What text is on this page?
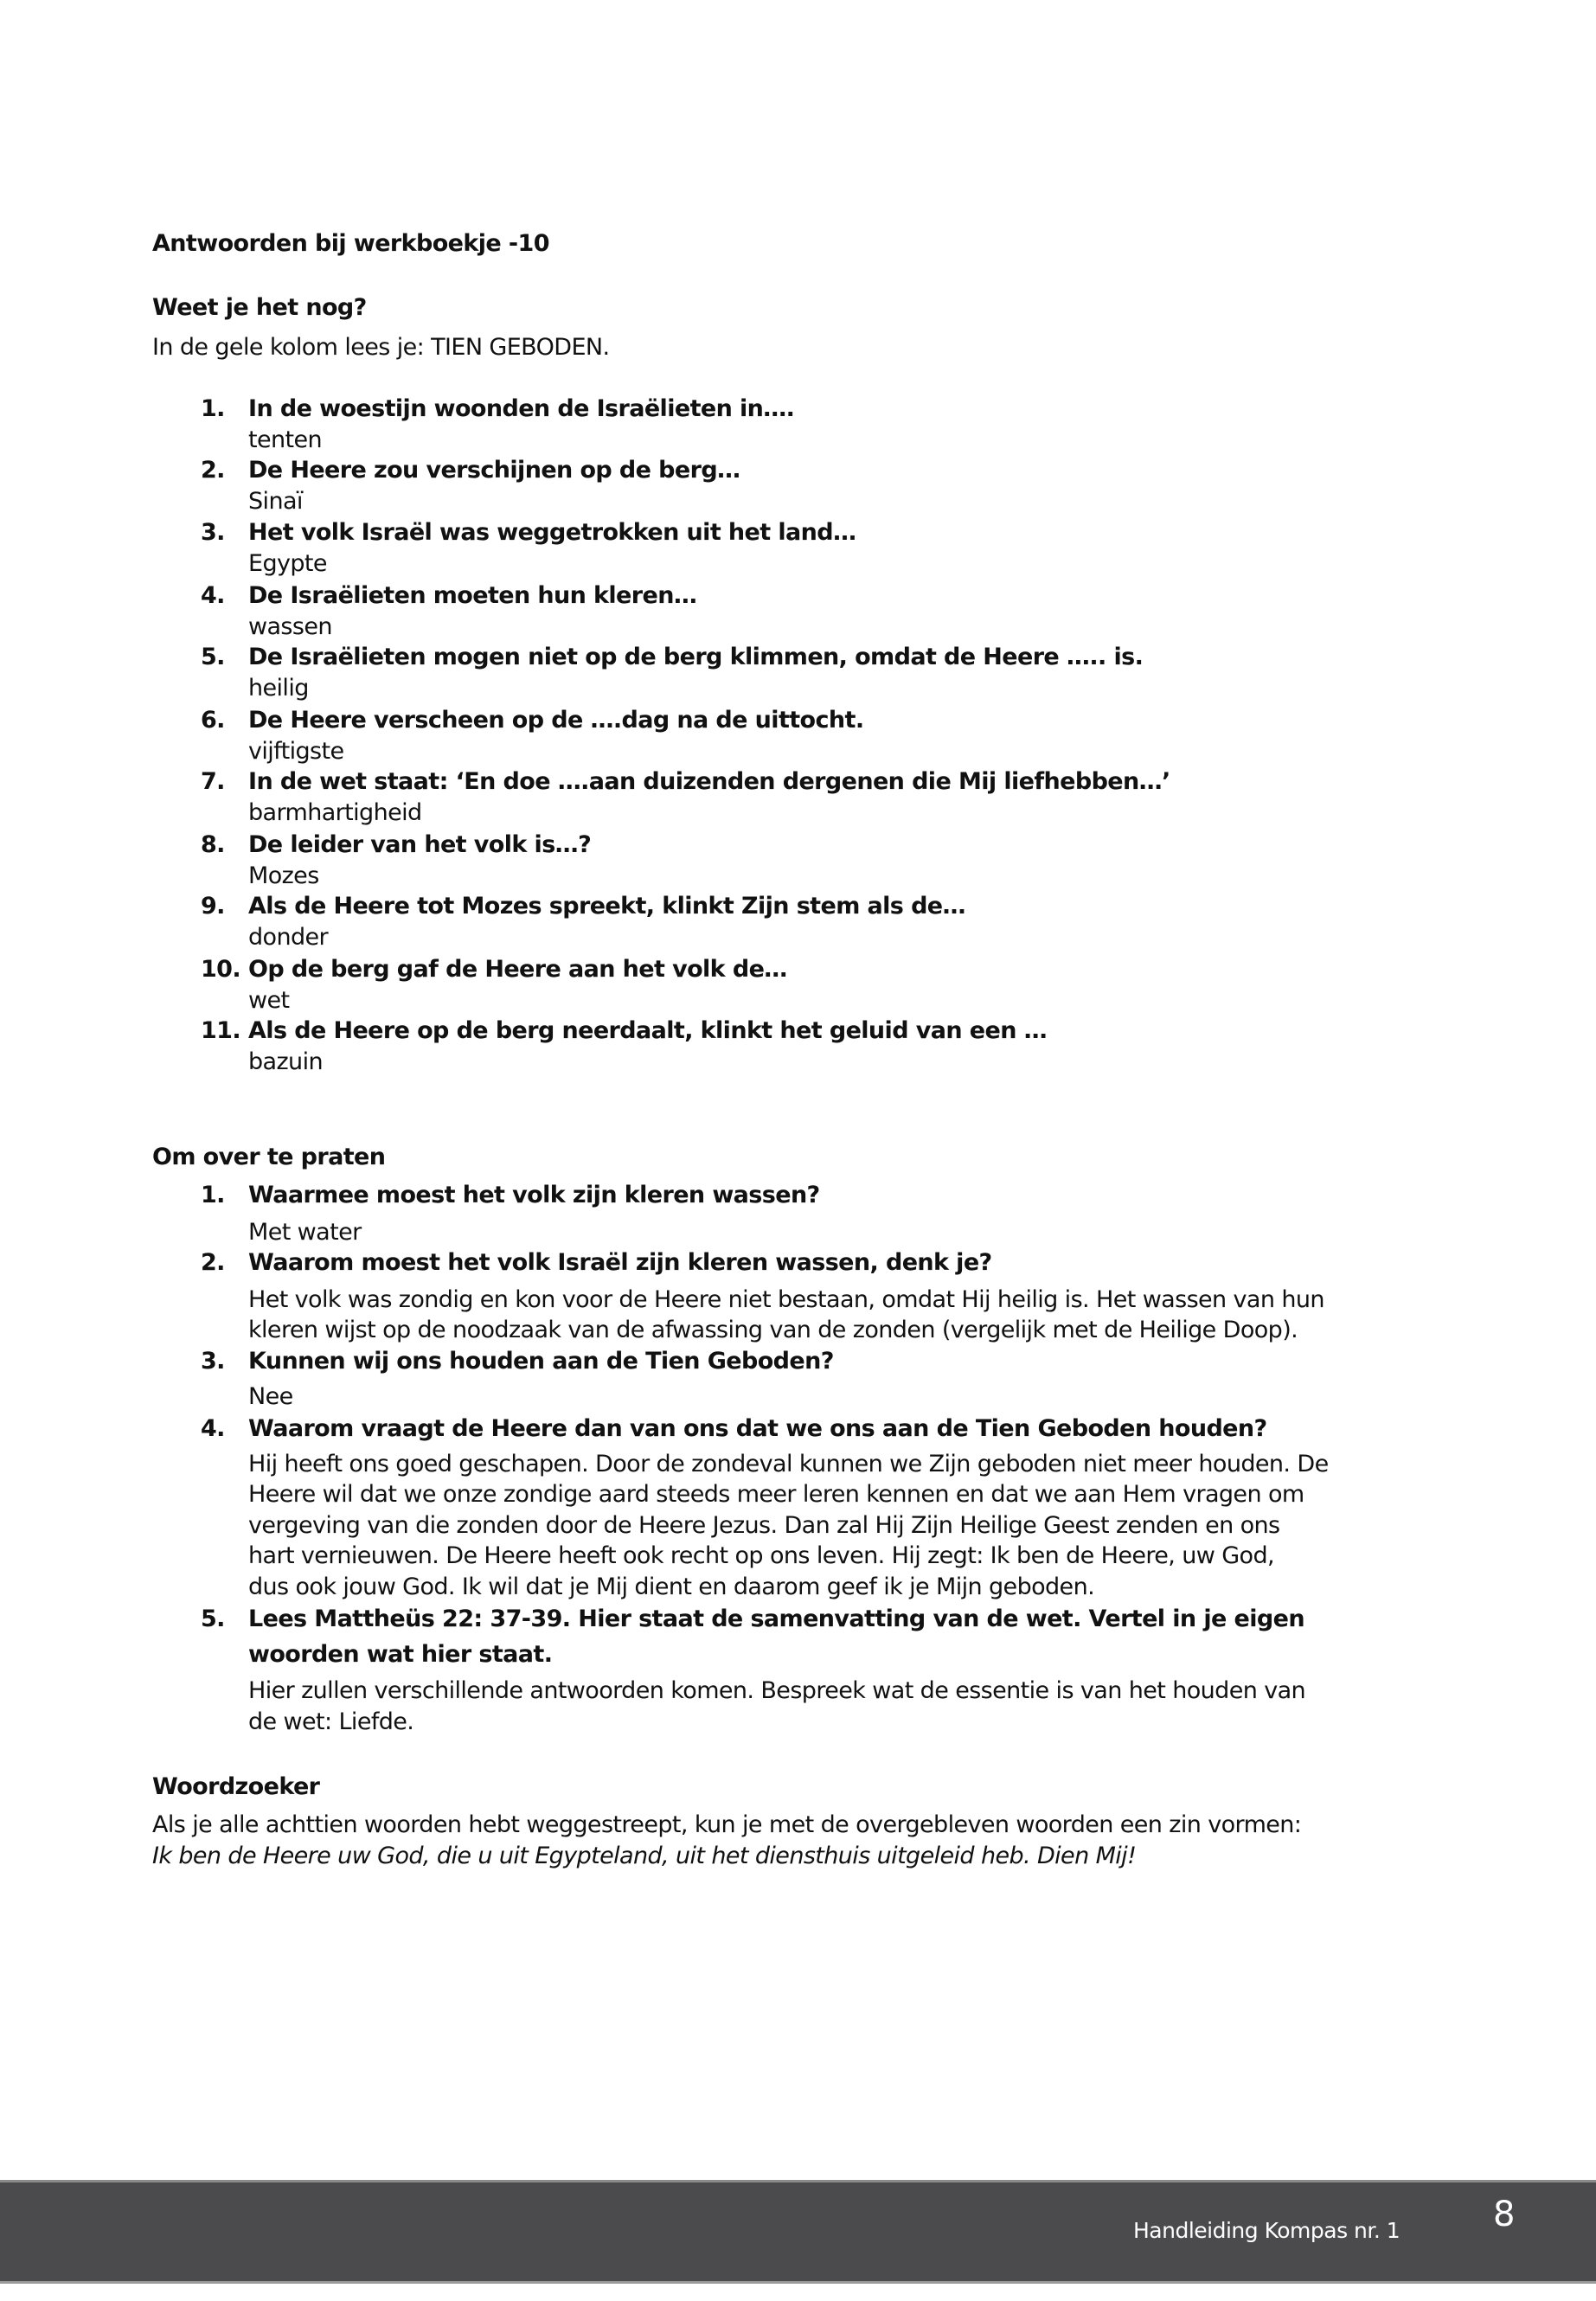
Antwoorden bij werkboekje -10
Weet je het nog?
In de gele kolom lees je: TIEN GEBODEN.
1. In de woestijn woonden de Israëlieten in….
tenten
2. De Heere zou verschijnen op de berg…
Sinaï
3. Het volk Israël was weggetrokken uit het land…
Egypte
4. De Israëlieten moeten hun kleren…
wassen
5. De Israëlieten mogen niet op de berg klimmen, omdat de Heere ….. is.
heilig
6. De Heere verscheen op de ….dag na de uittocht.
vijftigste
7. In de wet staat: ‘En doe ….aan duizenden dergenen die Mij liefhebben…’
barmhartigheid
8. De leider van het volk is…?
Mozes
9. Als de Heere tot Mozes spreekt, klinkt Zijn stem als de…
donder
10. Op de berg gaf de Heere aan het volk de…
wet
11. Als de Heere op de berg neerdaalt, klinkt het geluid van een …
bazuin
Om over te praten
1. Waarmee moest het volk zijn kleren wassen?
Met water
2. Waarom moest het volk Israël zijn kleren wassen, denk je?
Het volk was zondig en kon voor de Heere niet bestaan, omdat Hij heilig is. Het wassen van hun
kleren wijst op de noodzaak van de afwassing van de zonden (vergelijk met de Heilige Doop).
3. Kunnen wij ons houden aan de Tien Geboden?
Nee
4. Waarom vraagt de Heere dan van ons dat we ons aan de Tien Geboden houden?
Hij heeft ons goed geschapen. Door de zondeval kunnen we Zijn geboden niet meer houden. De
Heere wil dat we onze zondige aard steeds meer leren kennen en dat we aan Hem vragen om
vergeving van die zonden door de Heere Jezus. Dan zal Hij Zijn Heilige Geest zenden en ons
hart vernieuwen. De Heere heeft ook recht op ons leven. Hij zegt: Ik ben de Heere, uw God,
dus ook jouw God. Ik wil dat je Mij dient en daarom geef ik je Mijn geboden.
5. Lees Mattheüs 22: 37-39. Hier staat de samenvatting van de wet. Vertel in je eigen
woorden wat hier staat.
Hier zullen verschillende antwoorden komen. Bespreek wat de essentie is van het houden van
de wet: Liefde.
Woordzoeker
Als je alle achttien woorden hebt weggestreept, kun je met de overgebleven woorden een zin vormen:
Ik ben de Heere uw God, die u uit Egypteland, uit het diensthuis uitgeleid heb. Dien Mij!
Handleiding Kompas nr. 1	8
